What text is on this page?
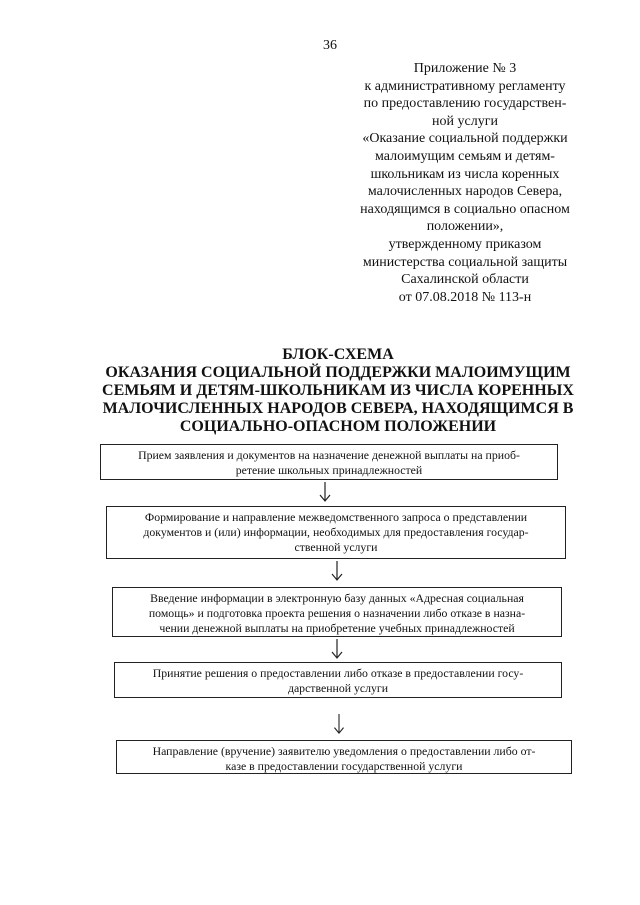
36
Приложение № 3
к административному регламенту
по предоставлению государствен-
ной услуги
«Оказание социальной поддержки
малоимущим семьям и детям-
школьникам из числа коренных
малочисленных народов Севера,
находящимся в социально опасном
положении»,
утвержденному приказом
министерства социальной защиты
Сахалинской области
от 07.08.2018 № 113-н
БЛОК-СХЕМА
ОКАЗАНИЯ СОЦИАЛЬНОЙ ПОДДЕРЖКИ МАЛОИМУЩИМ
СЕМЬЯМ И ДЕТЯМ-ШКОЛЬНИКАМ ИЗ ЧИСЛА КОРЕННЫХ
МАЛОЧИСЛЕННЫХ НАРОДОВ СЕВЕРА, НАХОДЯЩИМСЯ В
СОЦИАЛЬНО-ОПАСНОМ ПОЛОЖЕНИИ
Прием заявления и документов на назначение денежной выплаты на приоб-
ретение школьных принадлежностей
Формирование и направление межведомственного запроса о представлении
документов и (или) информации, необходимых для предоставления государ-
ственной услуги
Введение информации в электронную базу данных «Адресная социальная
помощь» и подготовка проекта решения о назначении либо отказе в назна-
чении денежной выплаты на приобретение учебных принадлежностей
Принятие решения о предоставлении либо отказе в предоставлении госу-
дарственной услуги
Направление (вручение) заявителю уведомления о предоставлении либо от-
казе в предоставлении государственной услуги
